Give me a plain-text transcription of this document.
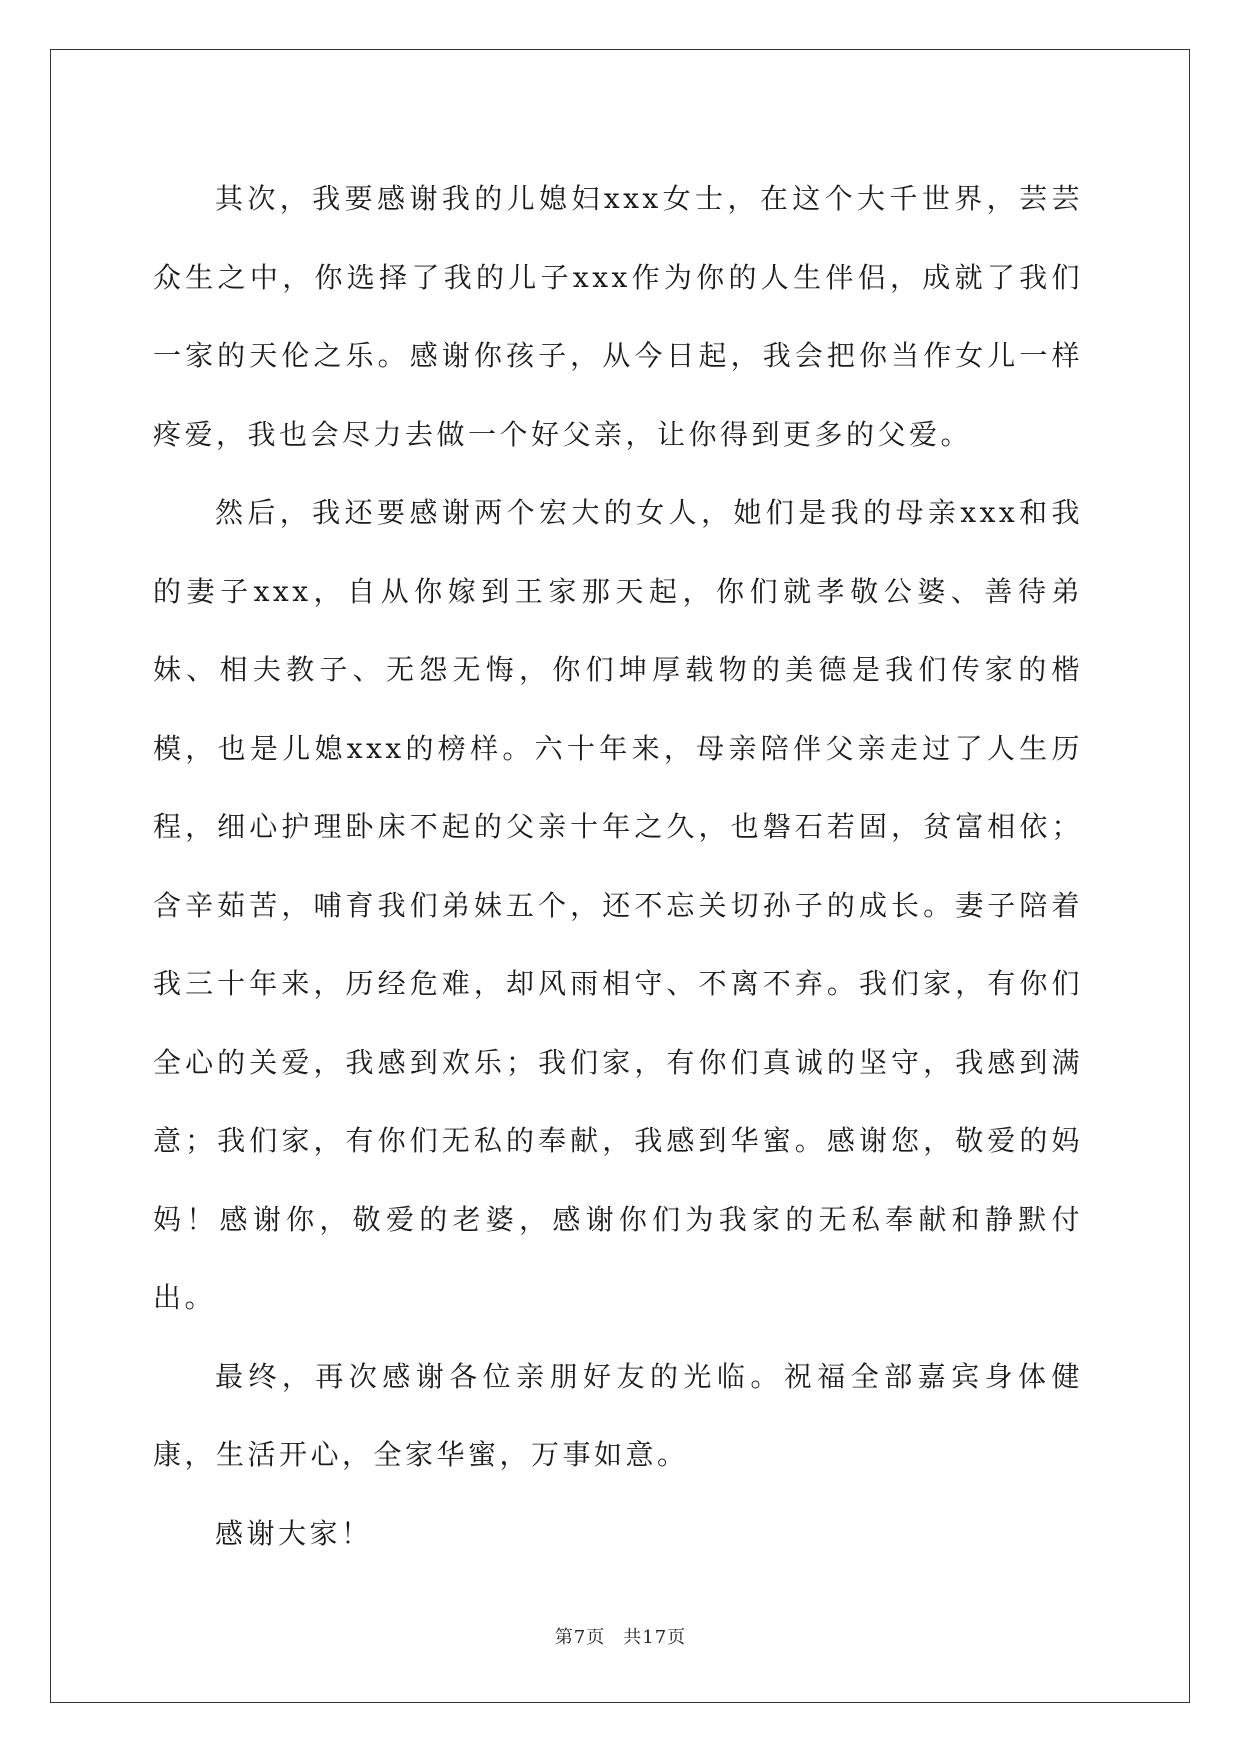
其次，我要感谢我的儿媳妇xxx女士，在这个大千世界，芸芸众生之中，你选择了我的儿子xxx作为你的人生伴侣，成就了我们一家的天伦之乐。感谢你孩子，从今日起，我会把你当作女儿一样疼爱，我也会尽力去做一个好父亲，让你得到更多的父爱。

然后，我还要感谢两个宏大的女人，她们是我的母亲xxx和我的妻子xxx，自从你嫁到王家那天起，你们就孝敬公婆、善待弟妹、相夫教子、无怨无悔，你们坤厚载物的美德是我们传家的楷模，也是儿媳xxx的榜样。六十年来，母亲陪伴父亲走过了人生历程，细心护理卧床不起的父亲十年之久，也磐石若固，贫富相依；含辛茹苦，哺育我们弟妹五个，还不忘关切孙子的成长。妻子陪着我三十年来，历经危难，却风雨相守、不离不弃。我们家，有你们全心的关爱，我感到欢乐；我们家，有你们真诚的坚守，我感到满意；我们家，有你们无私的奉献，我感到华蜜。感谢您，敬爱的妈妈！感谢你，敬爱的老婆，感谢你们为我家的无私奉献和静默付出。

最终，再次感谢各位亲朋好友的光临。祝福全部嘉宾身体健康，生活开心，全家华蜜，万事如意。

感谢大家！

第7页 共17页
